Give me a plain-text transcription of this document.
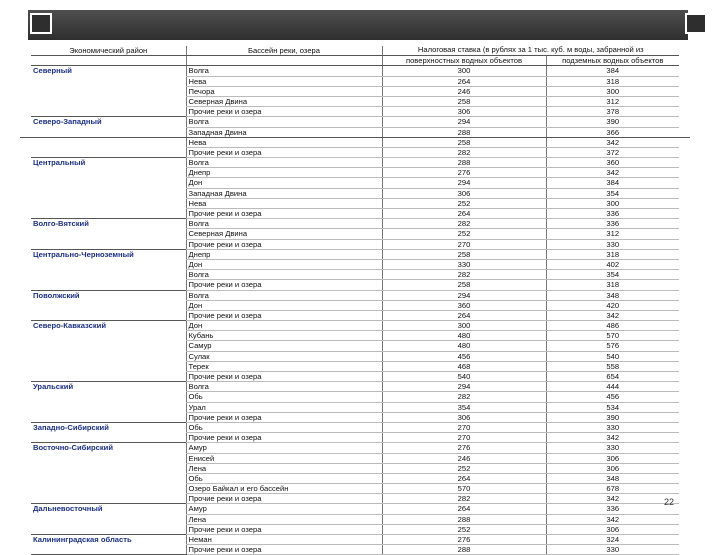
Экономический район	Бассейн реки, озера	Налоговая ставка (в рублях за 1 тыс. куб. м воды, забранной из	
		поверхностных водных объектов	подземных водных объектов
Северный	Волга	300	384
	Нева	264	318
	Печора	246	300
	Северная Двина	258	312
	Прочие реки и озера	306	378
Северо-Западный	Волга	294	390
	Западная Двина	288	366
	Нева	258	342
	Прочие реки и озера	282	372
Центральный	Волга	288	360
	Днепр	276	342
	Дон	294	384
	Западная Двина	306	354
	Нева	252	300
	Прочие реки и озера	264	336
Волго-Вятский	Волга	282	336
	Северная Двина	252	312
	Прочие реки и озера	270	330
Центрально-Черноземный	Днепр	258	318
	Дон	330	402
	Волга	282	354
	Прочие реки и озера	258	318
Поволжский	Волга	294	348
	Дон	360	420
	Прочие реки и озера	264	342
Северо-Кавказский	Дон	300	486
	Кубань	480	570
	Самур	480	576
	Сулак	456	540
	Терек	468	558
	Прочие реки и озера	540	654
Уральский	Волга	294	444
	Обь	282	456
	Урал	354	534
	Прочие реки и озера	306	390
Западно-Сибирский	Обь	270	330
	Прочие реки и озера	270	342
Восточно-Сибирский	Амур	276	330
	Енисей	246	306
	Лена	252	306
	Обь	264	348
	Озеро Байкал и его бассейн	570	678
	Прочие реки и озера	282	342
Дальневосточный	Амур	264	336
	Лена	288	342
	Прочие реки и озера	252	306
Калининградская область	Неман	276	324
	Прочие реки и озера	288	330
22
